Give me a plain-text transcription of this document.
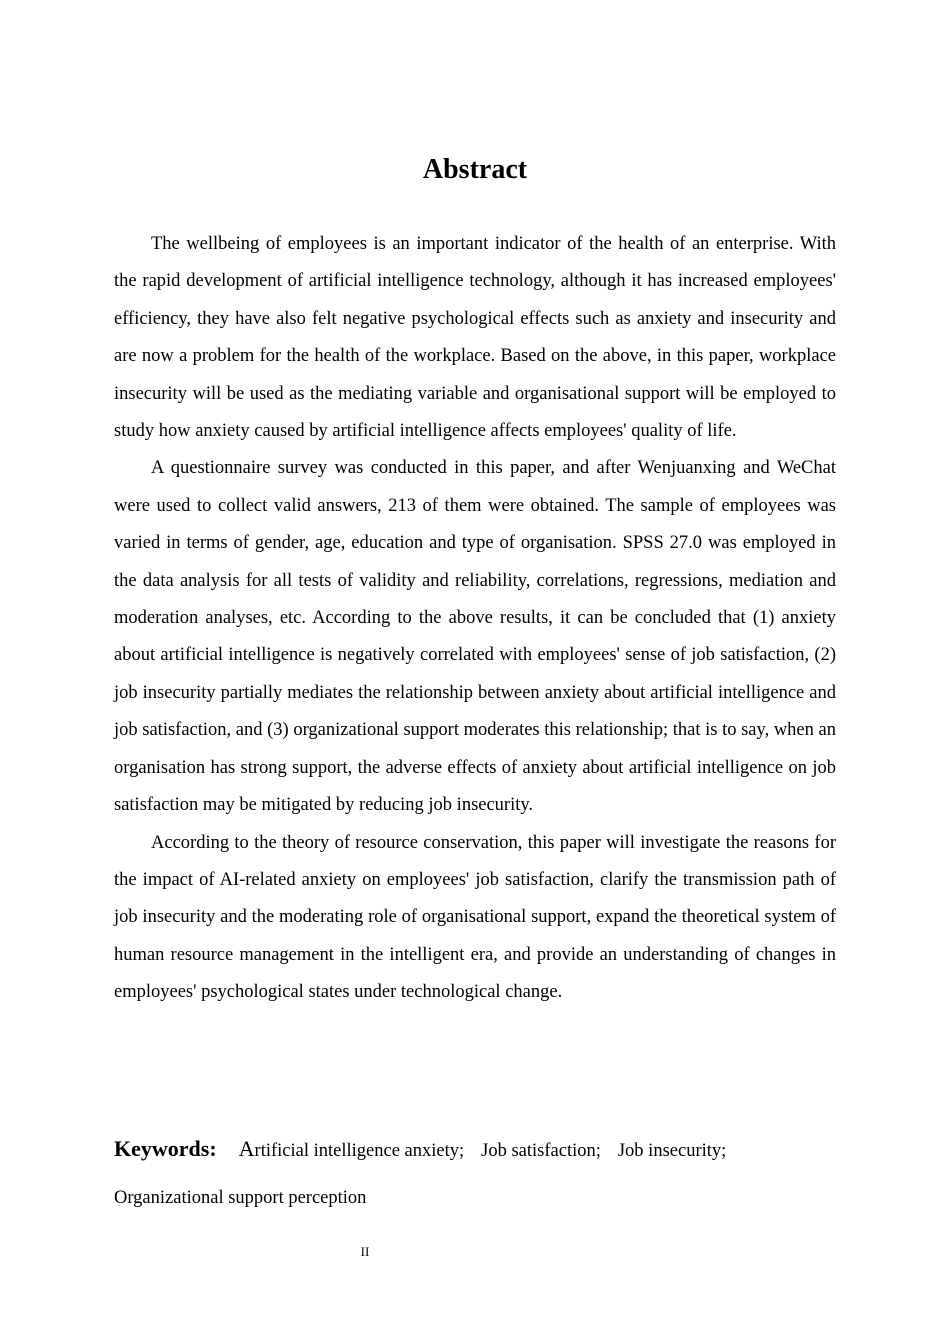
Abstract

The wellbeing of employees is an important indicator of the health of an enterprise. With the rapid development of artificial intelligence technology, although it has increased employees' efficiency, they have also felt negative psychological effects such as anxiety and insecurity and are now a problem for the health of the workplace. Based on the above, in this paper, workplace insecurity will be used as the mediating variable and organisational support will be employed to study how anxiety caused by artificial intelligence affects employees' quality of life.

A questionnaire survey was conducted in this paper, and after Wenjuanxing and WeChat were used to collect valid answers, 213 of them were obtained. The sample of employees was varied in terms of gender, age, education and type of organisation. SPSS 27.0 was employed in the data analysis for all tests of validity and reliability, correlations, regressions, mediation and moderation analyses, etc. According to the above results, it can be concluded that (1) anxiety about artificial intelligence is negatively correlated with employees' sense of job satisfaction, (2) job insecurity partially mediates the relationship between anxiety about artificial intelligence and job satisfaction, and (3) organizational support moderates this relationship; that is to say, when an organisation has strong support, the adverse effects of anxiety about artificial intelligence on job satisfaction may be mitigated by reducing job insecurity.

According to the theory of resource conservation, this paper will investigate the reasons for the impact of AI-related anxiety on employees' job satisfaction, clarify the transmission path of job insecurity and the moderating role of organisational support, expand the theoretical system of human resource management in the intelligent era, and provide an understanding of changes in employees' psychological states under technological change.

Keywords: Artificial intelligence anxiety; Job satisfaction; Job insecurity;
Organizational support perception
II
